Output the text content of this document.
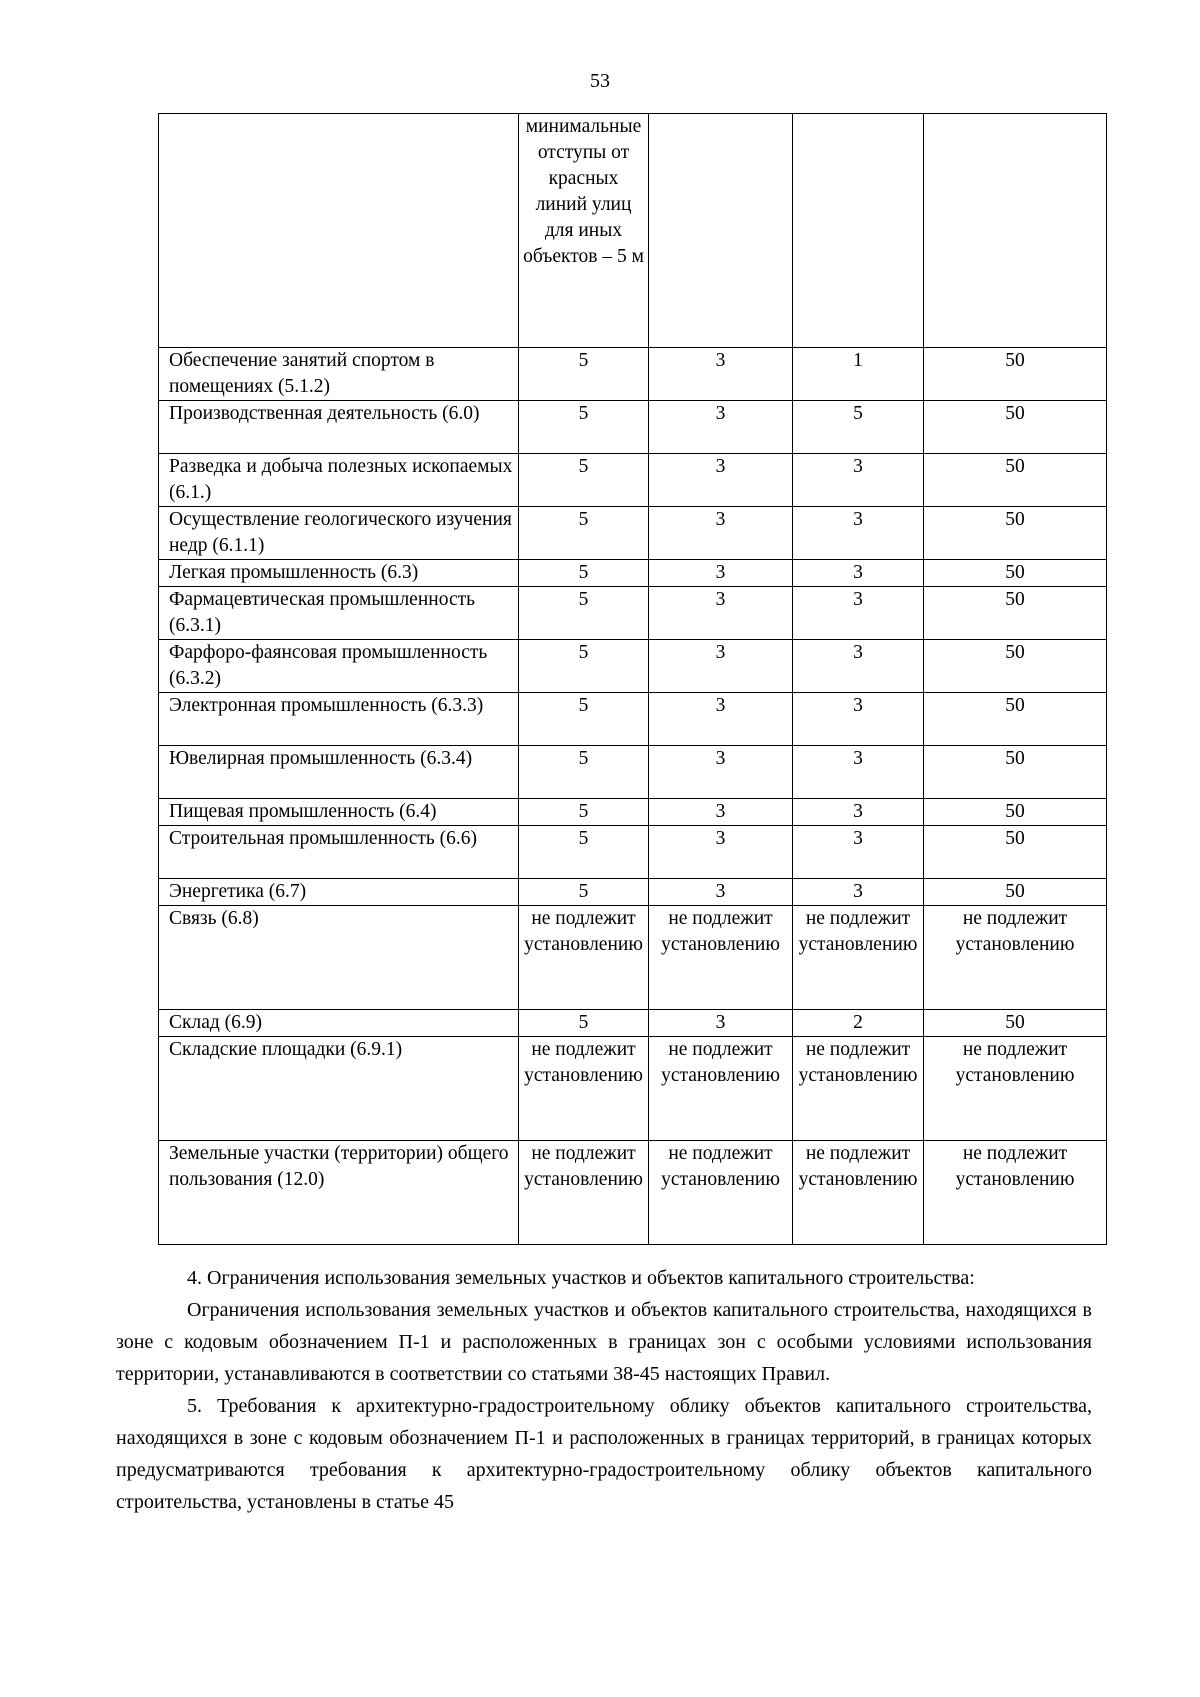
53
	минимальные отступы от красных линий улиц для иных объектов – 5 м			
Обеспечение занятий спортом в помещениях (5.1.2)	5	3	1	50
Производственная деятельность (6.0)	5	3	5	50
Разведка и добыча полезных ископаемых (6.1.)	5	3	3	50
Осуществление геологического изучения недр (6.1.1)	5	3	3	50
Легкая промышленность (6.3)	5	3	3	50
Фармацевтическая промышленность (6.3.1)	5	3	3	50
Фарфоро-фаянсовая промышленность (6.3.2)	5	3	3	50
Электронная промышленность (6.3.3)	5	3	3	50
Ювелирная промышленность (6.3.4)	5	3	3	50
Пищевая промышленность (6.4)	5	3	3	50
Строительная промышленность (6.6)	5	3	3	50
Энергетика (6.7)	5	3	3	50
Связь (6.8)	не подлежит установлению	не подлежит установлению	не подлежит установлению	не подлежит установлению
Склад (6.9)	5	3	2	50
Складские площадки (6.9.1)	не подлежит установлению	не подлежит установлению	не подлежит установлению	не подлежит установлению
Земельные участки (территории) общего пользования (12.0)	не подлежит установлению	не подлежит установлению	не подлежит установлению	не подлежит установлению

4. Ограничения использования земельных участков и объектов капитального строительства:

Ограничения использования земельных участков и объектов капитального строительства, находящихся в зоне с кодовым обозначением П-1 и расположенных в границах зон с особыми условиями использования территории, устанавливаются в соответствии со статьями 38-45 настоящих Правил.

5. Требования к архитектурно-градостроительному облику объектов капитального строительства, находящихся в зоне с кодовым обозначением П-1 и расположенных в границах территорий, в границах которых предусматриваются требования к архитектурно-градостроительному облику объектов капитального строительства, установлены в статье 45
